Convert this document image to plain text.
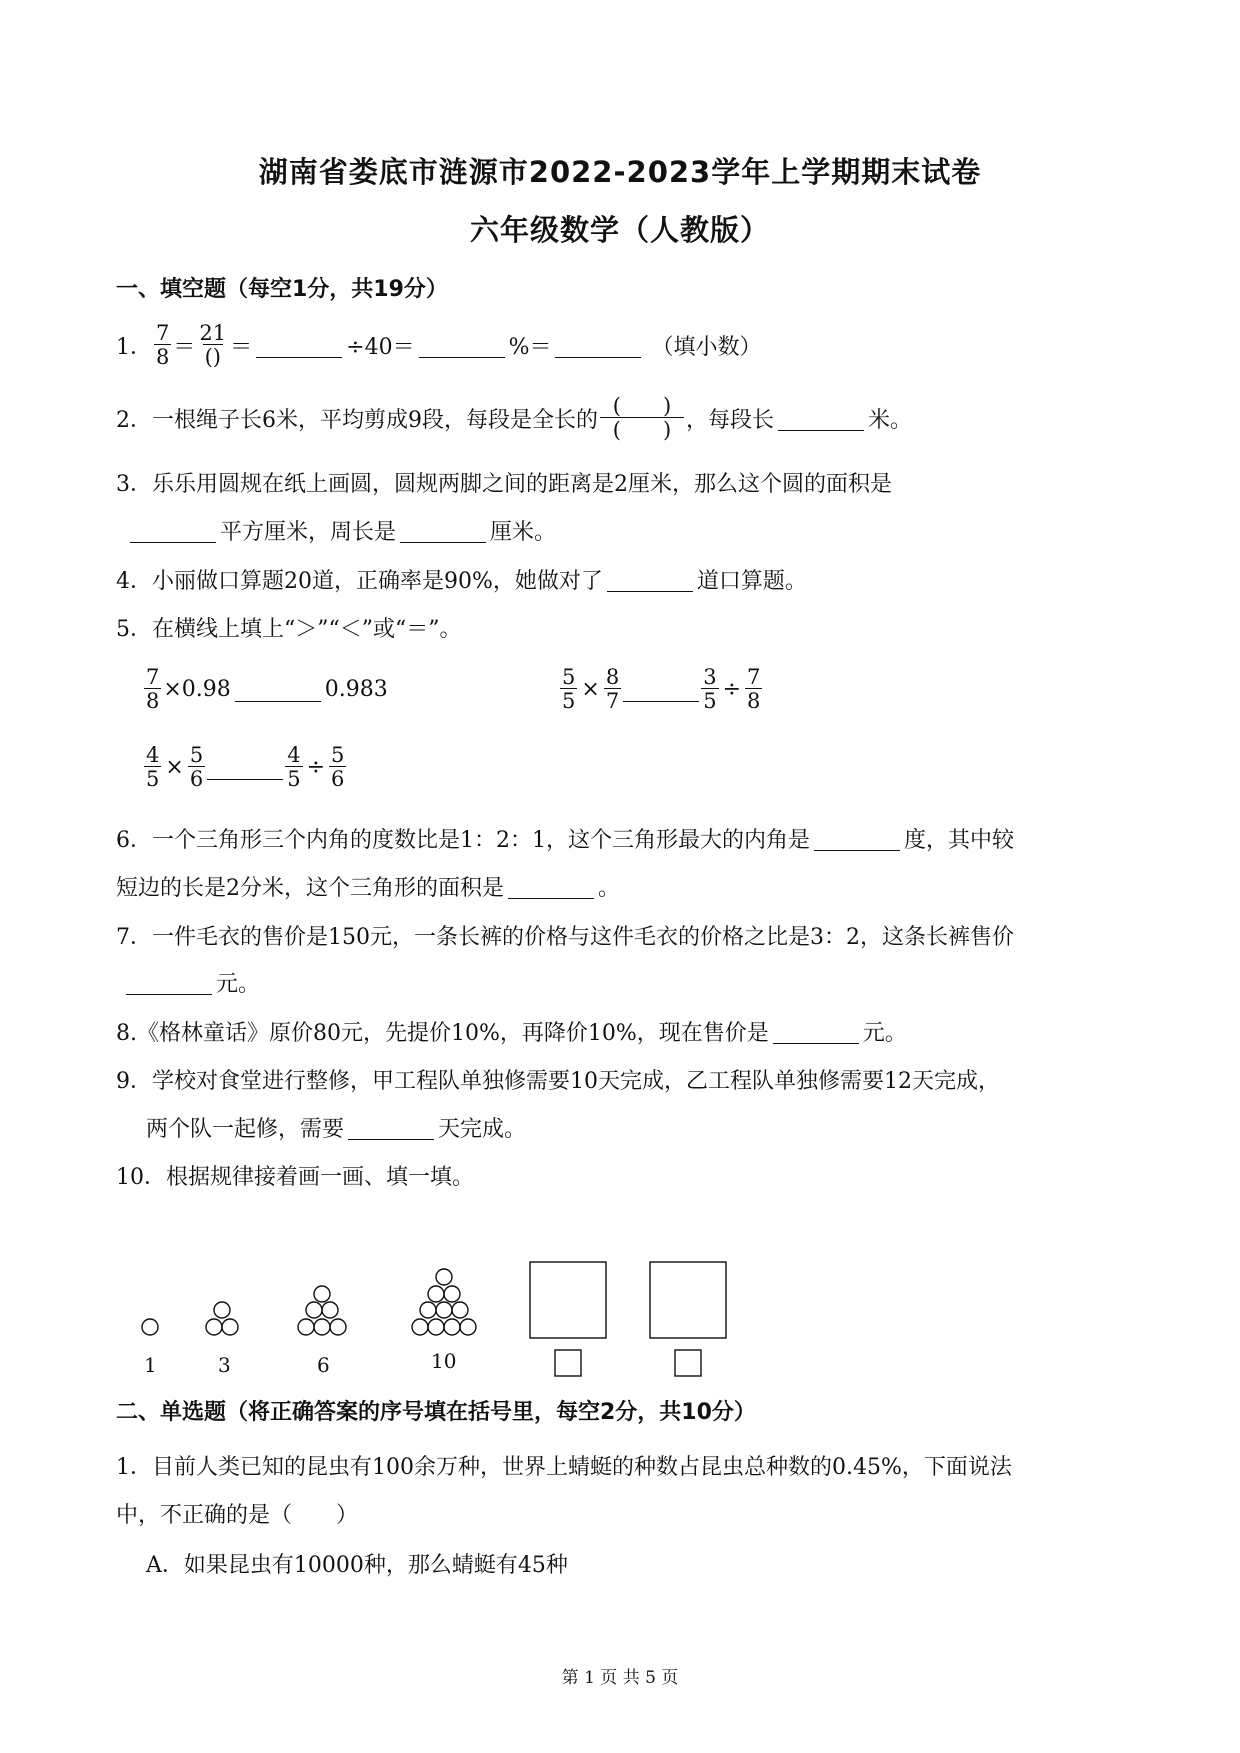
湖南省娄底市涟源市2022-2023学年上学期期末试卷
六年级数学（人教版）
一、填空题（每空1分，共19分）
1． $\frac{7}{8} = \frac{21}{()}$ ＝	÷40＝	%＝	（填小数）
2．一根绳子长6米，平均剪成9段，每段是全长的 $\frac{( )}{( )}$ ，每段长	米。
3．乐乐用圆规在纸上画圆，圆规两脚之间的距离是2厘米，那么这个圆的面积是
平方厘米，周长是	厘米。
4．小丽做口算题20道，正确率是90%，她做对了	道口算题。
5．在横线上填上“＞”“＜”或“＝”。
$\frac{7}{8} \times 0.98$	0.983	$\frac{5}{5} \times \frac{8}{7}$	$\frac{3}{5} \div \frac{7}{8}$
$\frac{4}{5} \times \frac{5}{6}$	$\frac{4}{5} \div \frac{5}{6}$
6．一个三角形三个内角的度数比是1：2：1，这个三角形最大的内角是	度，其中较
短边的长是2分米，这个三角形的面积是	。
7．一件毛衣的售价是150元，一条长裤的价格与这件毛衣的价格之比是3：2，这条长裤售价
元。
8.《格林童话》原价80元，先提价10%，再降价10%，现在售价是	元。
9．学校对食堂进行整修，甲工程队单独修需要10天完成，乙工程队单独修需要12天完成，
两个队一起修，需要	天完成。
10．根据规律接着画一画、填一填。
1	3	6	10
二、单选题（将正确答案的序号填在括号里，每空2分，共10分）
1．目前人类已知的昆虫有100余万种，世界上蜻蜓的种数占昆虫总种数的0.45%，下面说法
中，不正确的是（　　）
A．如果昆虫有10000种，那么蜻蜓有45种
第 1 页 共 5 页
